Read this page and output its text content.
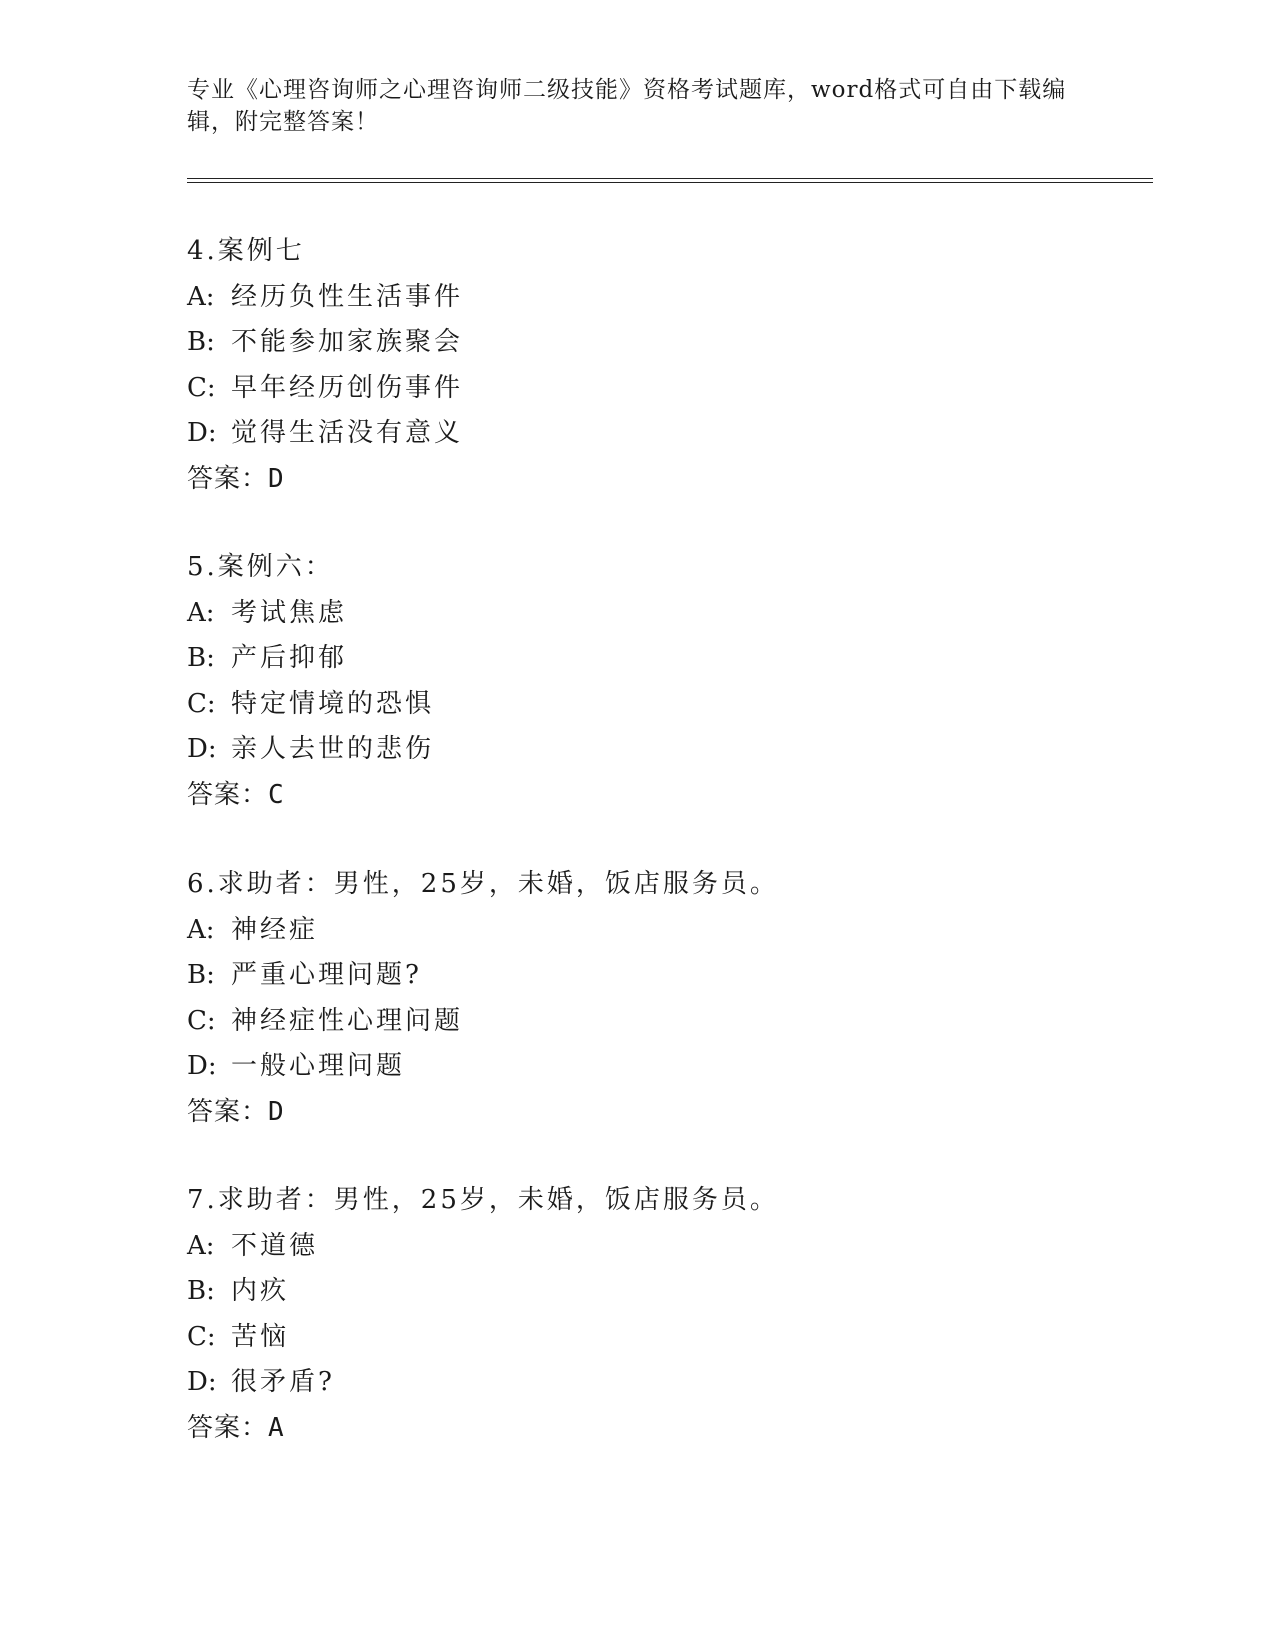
专业《心理咨询师之心理咨询师二级技能》资格考试题库，word格式可自由下载编辑，附完整答案！
4.案例七
A: 经历负性生活事件
B: 不能参加家族聚会
C: 早年经历创伤事件
D: 觉得生活没有意义
答案：D
5.案例六：
A: 考试焦虑
B: 产后抑郁
C: 特定情境的恐惧
D: 亲人去世的悲伤
答案：C
6.求助者：男性，25岁，未婚，饭店服务员。
A: 神经症
B: 严重心理问题?
C: 神经症性心理问题
D: 一般心理问题
答案：D
7.求助者：男性，25岁，未婚，饭店服务员。
A: 不道德
B: 内疚
C: 苦恼
D: 很矛盾?
答案：A
